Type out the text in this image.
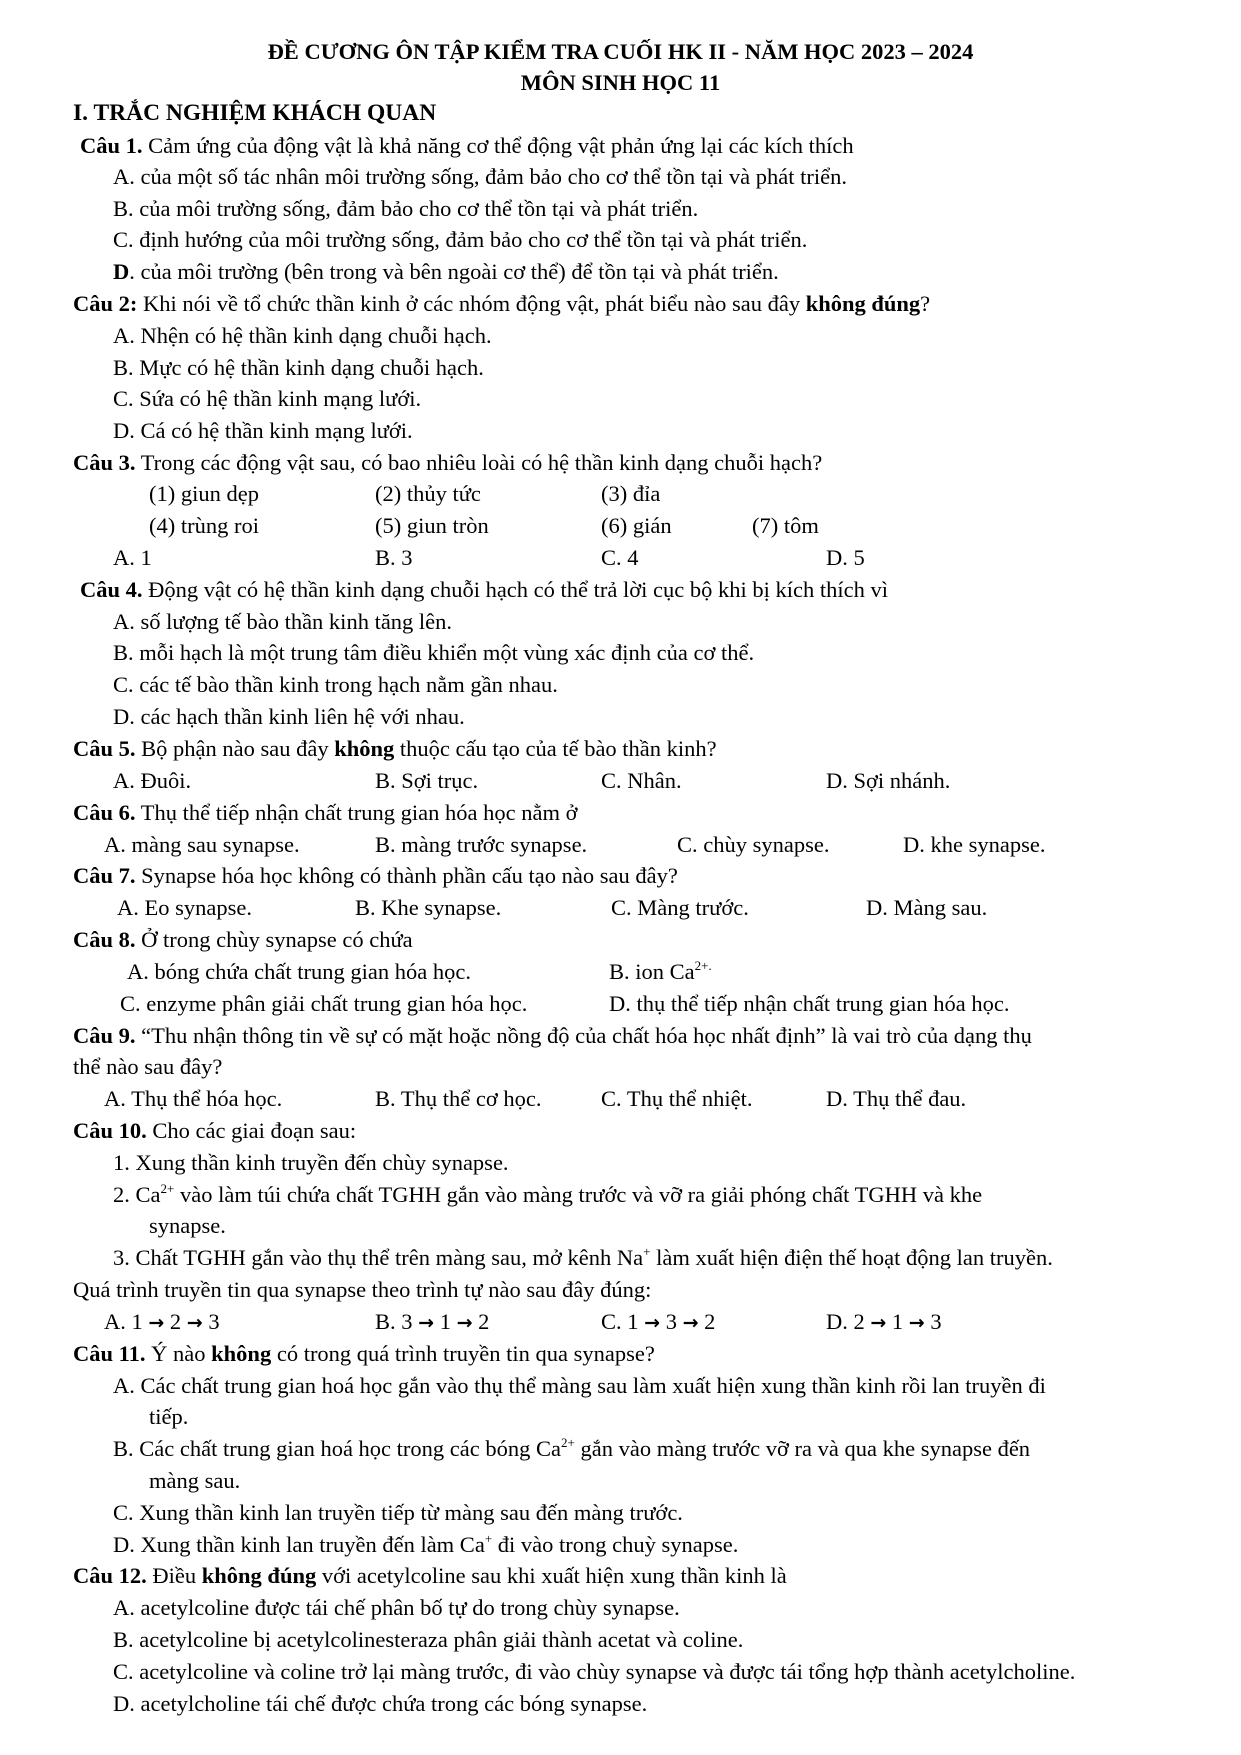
ĐỀ CƯƠNG ÔN TẬP KIỂM TRA CUỐI HK II - NĂM HỌC 2023 – 2024
MÔN SINH HỌC 11
I. TRẮC NGHIỆM KHÁCH QUAN
Câu 1. Cảm ứng của động vật là khả năng cơ thể động vật phản ứng lại các kích thích
A. của một số tác nhân môi trường sống, đảm bảo cho cơ thể tồn tại và phát triển.
B. của môi trường sống, đảm bảo cho cơ thể tồn tại và phát triển.
C. định hướng của môi trường sống, đảm bảo cho cơ thể tồn tại và phát triển.
D. của môi trường (bên trong và bên ngoài cơ thể) để tồn tại và phát triển.
Câu 2: Khi nói về tổ chức thần kinh ở các nhóm động vật, phát biểu nào sau đây không đúng?
A. Nhện có hệ thần kinh dạng chuỗi hạch.
B. Mực có hệ thần kinh dạng chuỗi hạch.
C. Sứa có hệ thần kinh mạng lưới.
D. Cá có hệ thần kinh mạng lưới.
Câu 3. Trong các động vật sau, có bao nhiêu loài có hệ thần kinh dạng chuỗi hạch?
(1) giun dẹp	(2) thủy tức	(3) đỉa
(4) trùng roi	(5) giun tròn	(6) gián	(7) tôm
A. 1	B. 3	C. 4	D. 5
Câu 4. Động vật có hệ thần kinh dạng chuỗi hạch có thể trả lời cục bộ khi bị kích thích vì
A. số lượng tế bào thần kinh tăng lên.
B. mỗi hạch là một trung tâm điều khiển một vùng xác định của cơ thể.
C. các tế bào thần kinh trong hạch nằm gần nhau.
D. các hạch thần kinh liên hệ với nhau.
Câu 5. Bộ phận nào sau đây không thuộc cấu tạo của tế bào thần kinh?
A. Đuôi.	B. Sợi trục.	C. Nhân.	D. Sợi nhánh.
Câu 6. Thụ thể tiếp nhận chất trung gian hóa học nằm ở
A. màng sau synapse.	B. màng trước synapse.	C. chùy synapse.	D. khe synapse.
Câu 7. Synapse hóa học không có thành phần cấu tạo nào sau đây?
A. Eo synapse.	B. Khe synapse.	C. Màng trước.	D. Màng sau.
Câu 8. Ở trong chùy synapse có chứa
A. bóng chứa chất trung gian hóa học.	B. ion $Ca^{2+.}$
C. enzyme phân giải chất trung gian hóa học.	D. thụ thể tiếp nhận chất trung gian hóa học.
Câu 9. “Thu nhận thông tin về sự có mặt hoặc nồng độ của chất hóa học nhất định” là vai trò của dạng thụ
thể nào sau đây?
A. Thụ thể hóa học.	B. Thụ thể cơ học.	C. Thụ thể nhiệt.	D. Thụ thể đau.
Câu 10. Cho các giai đoạn sau:
1. Xung thần kinh truyền đến chùy synapse.
2. $Ca^{2+}$ vào làm túi chứa chất TGHH gắn vào màng trước và vỡ ra giải phóng chất TGHH và khe
synapse.
3. Chất TGHH gắn vào thụ thể trên màng sau, mở kênh Na+ làm xuất hiện điện thế hoạt động lan truyền.
Quá trình truyền tin qua synapse theo trình tự nào sau đây đúng:
A. 1 → 2 → 3	B. 3 → 1 → 2	C. 1 → 3 → 2	D. 2 → 1 → 3
Câu 11. Ý nào không có trong quá trình truyền tin qua synapse?
A. Các chất trung gian hoá học gắn vào thụ thể màng sau làm xuất hiện xung thần kinh rồi lan truyền đi
tiếp.
B. Các chất trung gian hoá học trong các bóng $Ca^{2+}$ gắn vào màng trước vỡ ra và qua khe synapse đến
màng sau.
C. Xung thần kinh lan truyền tiếp từ màng sau đến màng trước.
D. Xung thần kinh lan truyền đến làm Ca+ đi vào trong chuỳ synapse.
Câu 12. Điều không đúng với acetylcoline sau khi xuất hiện xung thần kinh là
A. acetylcoline được tái chế phân bố tự do trong chùy synapse.
B. acetylcoline bị acetylcolinesteraza phân giải thành acetat và coline.
C. acetylcoline và coline trở lại màng trước, đi vào chùy synapse và được tái tổng hợp thành acetylcholine.
D. acetylcholine tái chế được chứa trong các bóng synapse.
